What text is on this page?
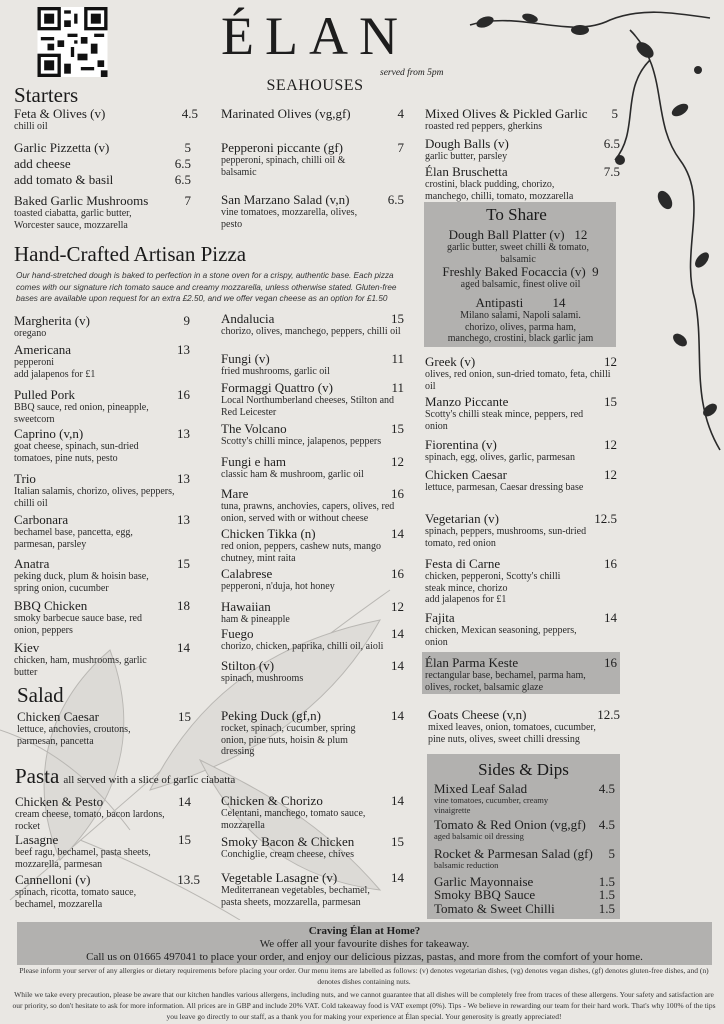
ÉLAN
SEAHOUSES
served from 5pm
Starters
Feta & Olives (v)	4.5
chilli oil
Garlic Pizzetta (v)	5
add cheese	6.5
add tomato & basil	6.5
Baked Garlic Mushrooms	7
toasted ciabatta, garlic butter, Worcester sauce, mozzarella
Marinated Olives (vg,gf)	4
Pepperoni piccante (gf)	7
pepperoni, spinach, chilli oil & balsamic
San Marzano Salad (v,n)	6.5
vine tomatoes, mozzarella, olives, pesto
Mixed Olives & Pickled Garlic 5
roasted red peppers, gherkins
Dough Balls (v)	6.5
garlic butter, parsley
Élan Bruschetta	7.5
crostini, black pudding, chorizo, manchego, chilli, tomato, mozzarella
To Share
Dough Ball Platter (v) 12
garlic butter, sweet chilli & tomato, balsamic
Freshly Baked Focaccia (v) 9
aged balsamic, finest olive oil
Antipasti 14
Milano salami, Napoli salami. chorizo, olives, parma ham, manchego, crostini, black garlic jam
Hand-Crafted Artisan Pizza
Our hand-stretched dough is baked to perfection in a stone oven for a crispy, authentic base. Each pizza comes with our signature rich tomato sauce and creamy mozzarella, unless otherwise stated. Gluten-free bases are available upon request for an extra £2.50, and we offer vegan cheese as an option for £1.50
Margherita (v)	9
oregano
Americana	13
pepperoni
add jalapenos for £1
Pulled Pork	16
BBQ sauce, red onion, pineapple, sweetcorn
Caprino (v,n)	13
goat cheese, spinach, sun-dried tomatoes, pine nuts, pesto
Trio	13
Italian salamis, chorizo, olives, peppers, chilli oil
Carbonara	13
bechamel base, pancetta, egg, parmesan, parsley
Anatra	15
peking duck, plum & hoisin base, spring onion, cucumber
BBQ Chicken	18
smoky barbecue sauce base, red onion, peppers
Kiev	14
chicken, ham, mushrooms, garlic butter
Andalucia	15
chorizo, olives, manchego, peppers, chilli oil
Fungi (v)	11
fried mushrooms, garlic oil
Formaggi Quattro (v)	11
Local Northumberland cheeses, Stilton and Red Leicester
The Volcano	15
Scotty's chilli mince, jalapenos, peppers
Fungi e ham	12
classic ham & mushroom, garlic oil
Mare	16
tuna, prawns, anchovies, capers, olives, red onion, served with or without cheese
Chicken Tikka (n)	14
red onion, peppers, cashew nuts, mango chutney, mint raita
Calabrese	16
pepperoni, n'duja, hot honey
Hawaiian	12
ham & pineapple
Fuego	14
chorizo, chicken, paprika, chilli oil, aioli
Stilton (v)	14
spinach, mushrooms
Greek (v)	12
olives, red onion, sun-dried tomato, feta, chilli oil
Manzo Piccante	15
Scotty's chilli steak mince, peppers, red onion
Fiorentina (v)	12
spinach, egg, olives, garlic, parmesan
Chicken Caesar	12
lettuce, parmesan, Caesar dressing base
Vegetarian (v)	12.5
spinach, peppers, mushrooms, sun-dried tomato, red onion
Festa di Carne	16
chicken, pepperoni, Scotty's chilli steak mince, chorizo
add jalapenos for £1
Fajita	14
chicken, Mexican seasoning, peppers, onion
Élan Parma Keste	16
rectangular base, bechamel, parma ham, olives, rocket, balsamic glaze
Salad
Chicken Caesar	15
lettuce, anchovies, croutons, parmesan, pancetta
Peking Duck (gf,n)	14
rocket, spinach, cucumber, spring onion, pine nuts, hoisin & plum dressing
Goats Cheese (v,n)	12.5
mixed leaves, onion, tomatoes, cucumber, pine nuts, olives, sweet chilli dressing
Pasta all served with a slice of garlic ciabatta
Chicken & Pesto	14
cream cheese, tomato, bacon lardons, rocket
Lasagne	15
beef ragu, bechamel, pasta sheets, mozzarella, parmesan
Cannelloni (v)	13.5
spinach, ricotta, tomato sauce, bechamel, mozzarella
Chicken & Chorizo	14
Celentani, manchego, tomato sauce, mozzarella
Smoky Bacon & Chicken	15
Conchiglie, cream cheese, chives
Vegetable Lasagne (v)	14
Mediterranean vegetables, bechamel, pasta sheets, mozzarella, parmesan
Sides & Dips
Mixed Leaf Salad	4.5
vine tomatoes, cucumber, creamy vinaigrette
Tomato & Red Onion (vg,gf) 4.5
aged balsamic oil dressing
Rocket & Parmesan Salad (gf) 5
balsamic reduction
Garlic Mayonnaise	1.5
Smoky BBQ Sauce	1.5
Tomato & Sweet Chilli	1.5
Craving Élan at Home?
We offer all your favourite dishes for takeaway.
Call us on 01665 497041 to place your order, and enjoy our delicious pizzas, pastas, and more from the comfort of your home.
Please inform your server of any allergies or dietary requirements before placing your order. Our menu items are labelled as follows: (v) denotes vegetarian dishes, (vg) denotes vegan dishes, (gf) denotes gluten-free dishes, and (n) denotes dishes containing nuts.
While we take every precaution, please be aware that our kitchen handles various allergens, including nuts, and we cannot guarantee that all dishes will be completely free from traces of these allergens. Your safety and satisfaction are our priority, so don't hesitate to ask for more information. All prices are in GBP and include 20% VAT. Cold takeaway food is VAT exempt (0%). Tips - We believe in rewarding our team for their hard work. That's why 100% of the tips you leave go directly to our staff, as a thank you for making your experience at Élan special. Your generosity is greatly appreciated!
